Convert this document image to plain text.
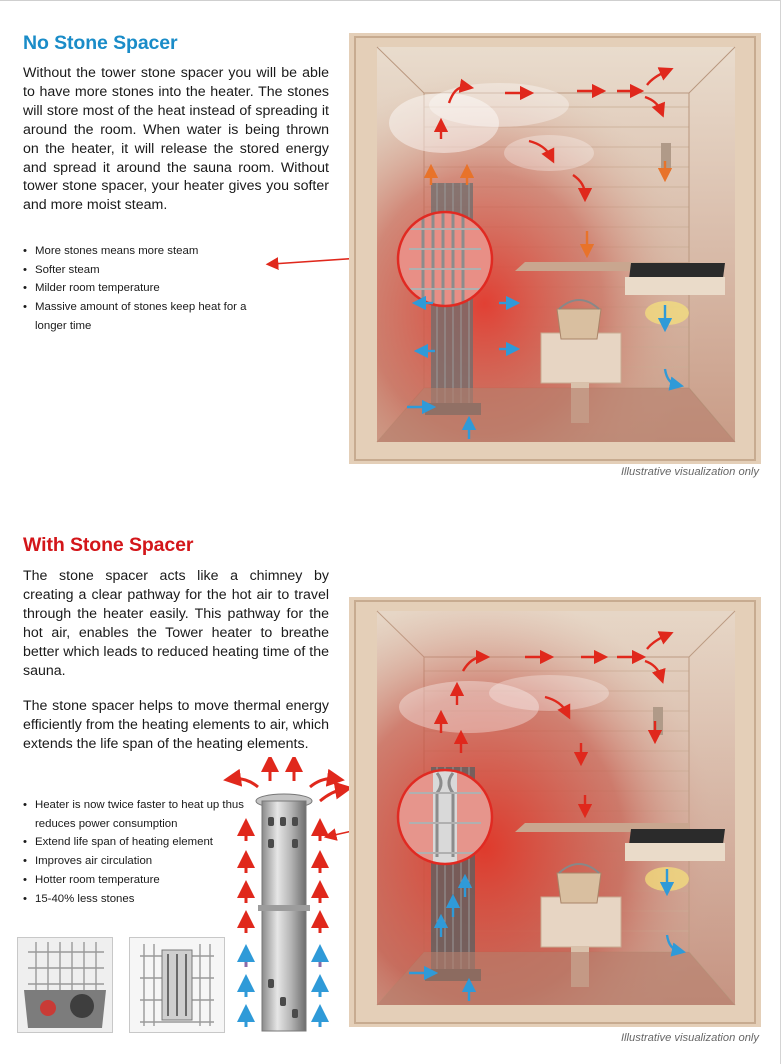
No Stone Spacer

Without the tower stone spacer you will be able to have more stones into the heater. The stones will store most of the heat instead of spreading it around the room. When water is being thrown on the heater, it will release the stored energy and spread it around the sauna room. Without tower stone spacer, your heater gives you softer and more moist steam.

• More stones means more steam
• Softer steam
• Milder room temperature
• Massive amount of stones keep heat for a longer time

Illustrative visualization only

With Stone Spacer

The stone spacer acts like a chimney by creating a clear pathway for the hot air to travel through the heater easily. This pathway for the hot air, enables the Tower heater to breathe better which leads to reduced heating time of the sauna.

The stone spacer helps to move thermal energy efficiently from the heating elements to air, which extends the life span of the heating elements.

• Heater is now twice faster to heat up thus reduces power consumption
• Extend life span of heating element
• Improves air circulation
• Hotter room temperature
• 15-40% less stones

Illustrative visualization only
